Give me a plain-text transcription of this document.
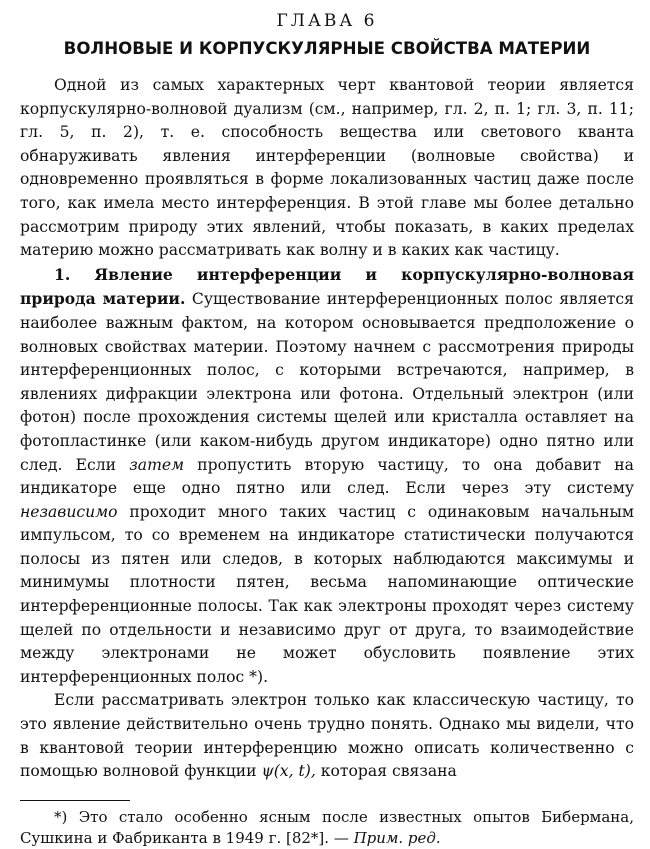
ГЛАВА 6
ВОЛНОВЫЕ И КОРПУСКУЛЯРНЫЕ СВОЙСТВА МАТЕРИИ

Одной из самых характерных черт квантовой теории является корпускулярно-волновой дуализм (см., например, гл. 2, п. 1; гл. 3, п. 11; гл. 5, п. 2), т. е. способность вещества или светового кванта обнаруживать явления интерференции (волновые свойства) и одновременно проявляться в форме локализованных частиц даже после того, как имела место интерференция. В этой главе мы более детально рассмотрим природу этих явлений, чтобы показать, в каких пределах материю можно рассматривать как волну и в каких как частицу.

1. Явление интерференции и корпускулярно-волновая природа материи. Существование интерференционных полос является наиболее важным фактом, на котором основывается предположение о волновых свойствах материи. Поэтому начнем с рассмотрения природы интерференционных полос, с которыми встречаются, например, в явлениях дифракции электрона или фотона. Отдельный электрон (или фотон) после прохождения системы щелей или кристалла оставляет на фотопластинке (или каком-нибудь другом индикаторе) одно пятно или след. Если затем пропустить вторую частицу, то она добавит на индикаторе еще одно пятно или след. Если через эту систему независимо проходит много таких частиц с одинаковым начальным импульсом, то со временем на индикаторе статистически получаются полосы из пятен или следов, в которых наблюдаются максимумы и минимумы плотности пятен, весьма напоминающие оптические интерференционные полосы. Так как электроны проходят через систему щелей по отдельности и независимо друг от друга, то взаимодействие между электронами не может обусловить появление этих интерференционных полос *).

Если рассматривать электрон только как классическую частицу, то это явление действительно очень трудно понять. Однако мы видели, что в квантовой теории интерференцию можно описать количественно с помощью волновой функции ψ(x, t), которая связана

*) Это стало особенно ясным после известных опытов Бибермана, Сушкина и Фабриканта в 1949 г. [82*]. — Прим. ред.
